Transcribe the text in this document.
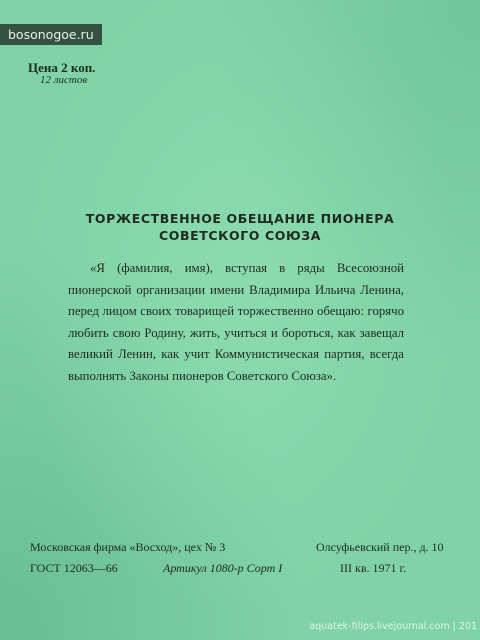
bosonogoe.ru
Цена 2 коп.
12 листов
ТОРЖЕСТВЕННОЕ ОБЕЩАНИЕ ПИОНЕРА
СОВЕТСКОГО СОЮЗА

«Я (фамилия, имя), вступая в ряды Всесоюзной пионерской организации имени Владимира Ильича Ленина, перед лицом своих товарищей торжественно обещаю: горячо любить свою Родину, жить, учиться и бороться, как завещал великий Ленин, как учит Коммунистическая партия, всегда выполнять Законы пионеров Советского Союза».

Московская фирма «Восход», цех № 3	Олсуфьевский пер., д. 10
ГОСТ 12063—66	Артикул 1080-р Сорт I	III кв. 1971 г.
aquatek-filips.livejournal.com | 201
